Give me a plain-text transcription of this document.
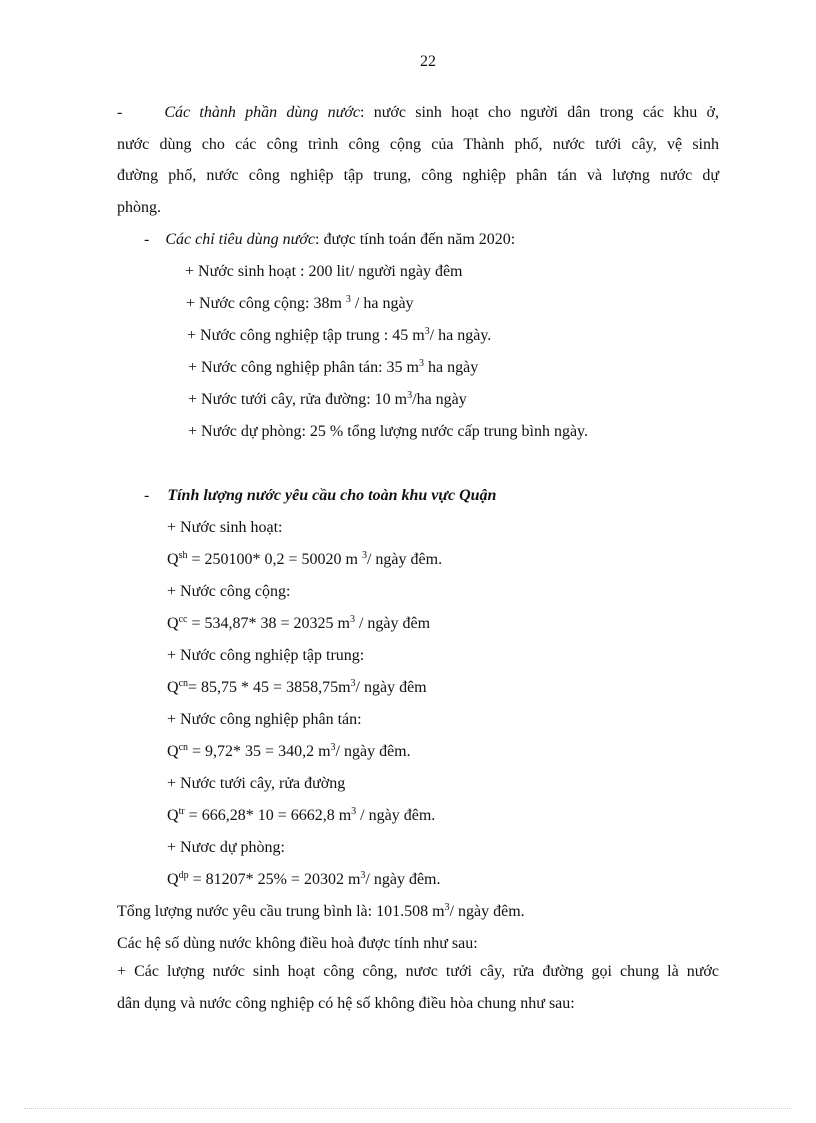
22
-	Các thành phần dùng nước: nước sinh hoạt cho người dân trong các khu ở,
nước dùng cho các công trình công cộng của Thành phố, nước tưới cây, vệ sinh
đường phố, nước công nghiệp tập trung, công nghiệp phân tán và lượng nước dự
phòng.
- Các chỉ tiêu dùng nước: được tính toán đến năm 2020:
+ Nước sinh hoạt : 200 lit/ người ngày đêm
+ Nước công cộng: 38m $^3$ / ha ngày
+ Nước công nghiệp tập trung : 45 $m^3/$ ha ngày.
+ Nước công nghiệp phân tán: 35 $m^3$ ha ngày
+ Nước tưới cây, rửa đường: 10 $m^3/ha$ ngày
+ Nước dự phòng: 25 % tổng lượng nước cấp trung bình ngày.
- Tính lượng nước yêu cầu cho toàn khu vực Quận
+ Nước sinh hoạt:
$Q^{sh} = 250100*$ 0,2 = 50020 m $^3$/ ngày đêm.
+ Nước công cộng:
$Q^{cc} = 534,87*$ 38 = 20325 $m^3$ / ngày đêm
+ Nước công nghiệp tập trung:
$Q^{cn}= 85,75 * 45 = 3858,75m^3/$ ngày đêm
+ Nước công nghiệp phân tán:
$Q^{cn} = 9,72*$ 35 = 340,2 $m^3/$ ngày đêm.
+ Nước tưới cây, rửa đường
$Q^{tr} = 666,28*$ 10 = 6662,8 $m^3$ / ngày đêm.
+ Nươc dự phòng:
$Q^{dp} = 81207*$ 25% = 20302 $m^3/$ ngày đêm.
Tổng lượng nước yêu cầu trung bình là: 101.508 $m^3/$ ngày đêm.
Các hệ số dùng nước không điều hoà được tính như sau:
+ Các lượng nước sinh hoạt công công, nươc tưới cây, rửa đường gọi chung là nước
dân dụng và nước công nghiệp có hệ số không điều hòa chung như sau:
